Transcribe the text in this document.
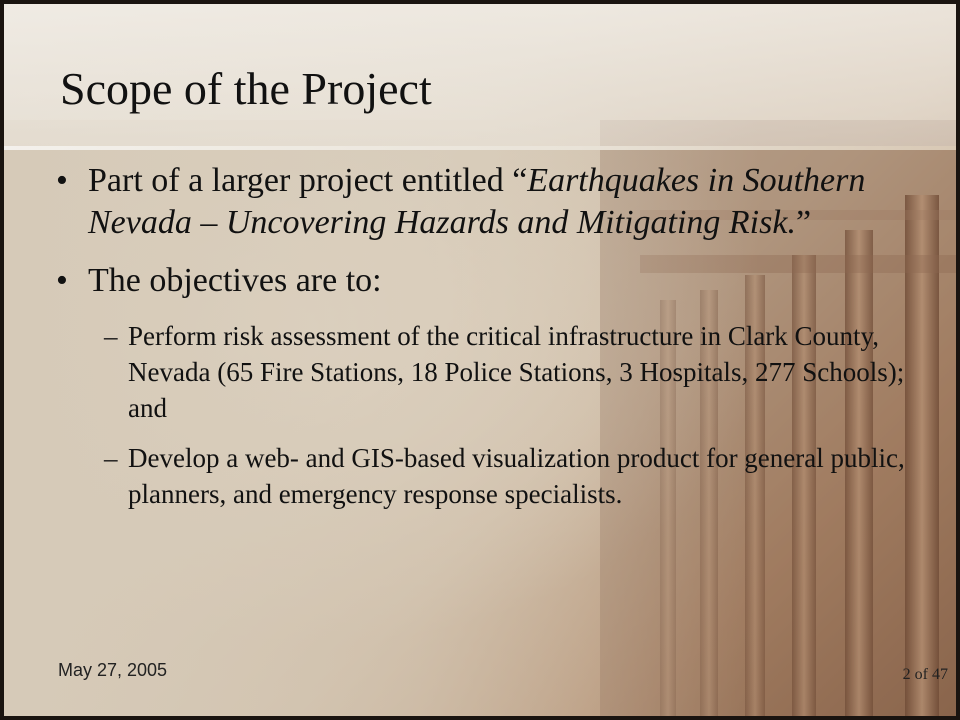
Scope of the Project
• Part of a larger project entitled “Earthquakes in Southern Nevada – Uncovering Hazards and Mitigating Risk.”
• The objectives are to:
– Perform risk assessment of the critical infrastructure in Clark County, Nevada (65 Fire Stations, 18 Police Stations, 3 Hospitals, 277 Schools); and
– Develop a web- and GIS-based visualization product for general public, planners, and emergency response specialists.
May 27, 2005	2 of 47
